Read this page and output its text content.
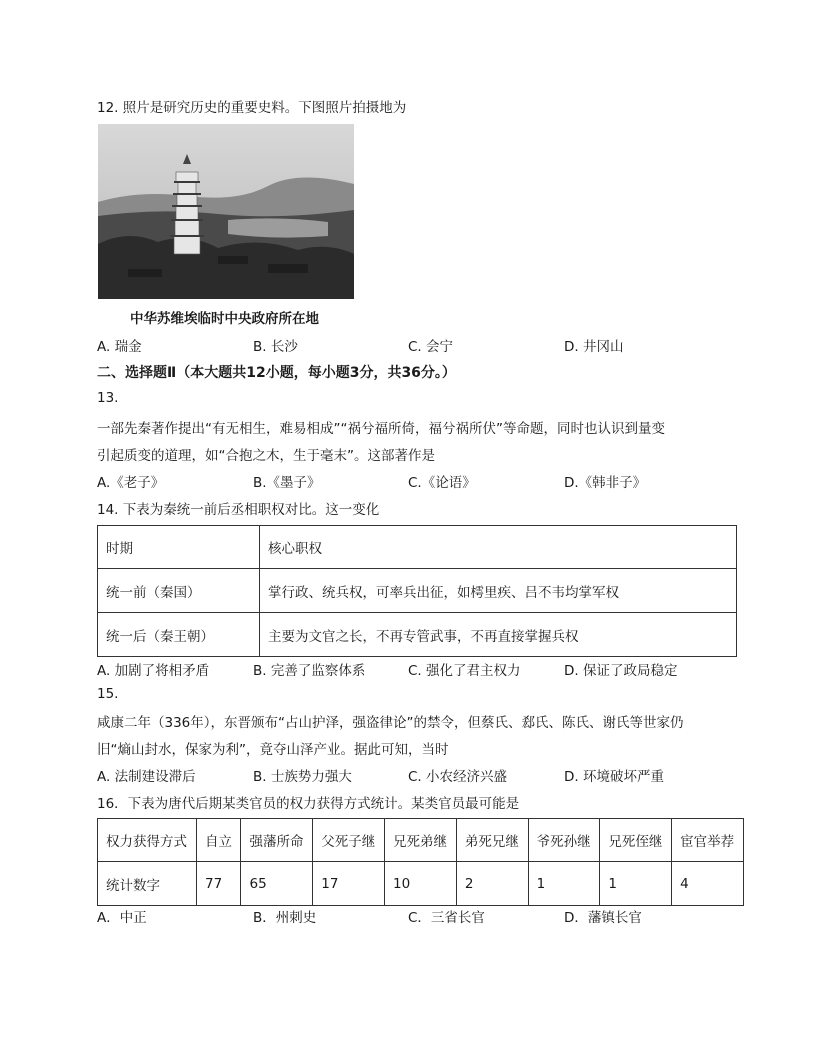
12. 照片是研究历史的重要史料。下图照片拍摄地为
中华苏维埃临时中央政府所在地
A. 瑞金	B. 长沙	C. 会宁	D. 井冈山
二、选择题Ⅱ（本大题共12小题，每小题3分，共36分。）
13.
一部先秦著作提出“有无相生，难易相成”“祸兮福所倚，福兮祸所伏”等命题，同时也认识到量变
引起质变的道理，如“合抱之木，生于毫末”。这部著作是
A.《老子》	B.《墨子》	C.《论语》	D.《韩非子》
14. 下表为秦统一前后丞相职权对比。这一变化
时期	核心职权
统一前（秦国）	掌行政、统兵权，可率兵出征，如樗里疾、吕不韦均掌军权
统一后（秦王朝）	主要为文官之长，不再专管武事，不再直接掌握兵权
A. 加剧了将相矛盾	B. 完善了监察体系	C. 强化了君主权力	D. 保证了政局稳定
15.
咸康二年（336年），东晋颁布“占山护泽，强盗律论”的禁令，但蔡氏、郄氏、陈氏、谢氏等世家仍
旧“熵山封水，保家为利”，竟夺山泽产业。据此可知，当时
A. 法制建设滞后	B. 士族势力强大	C. 小农经济兴盛	D. 环境破坏严重
16．下表为唐代后期某类官员的权力获得方式统计。某类官员最可能是
权力获得方式	自立	强藩所命	父死子继	兄死弟继	弟死兄继	爷死孙继	兄死侄继	宦官举荐
统计数字	77	65	17	10	2	1	1	4
A．中正	B．州刺史	C．三省长官	D．藩镇长官
